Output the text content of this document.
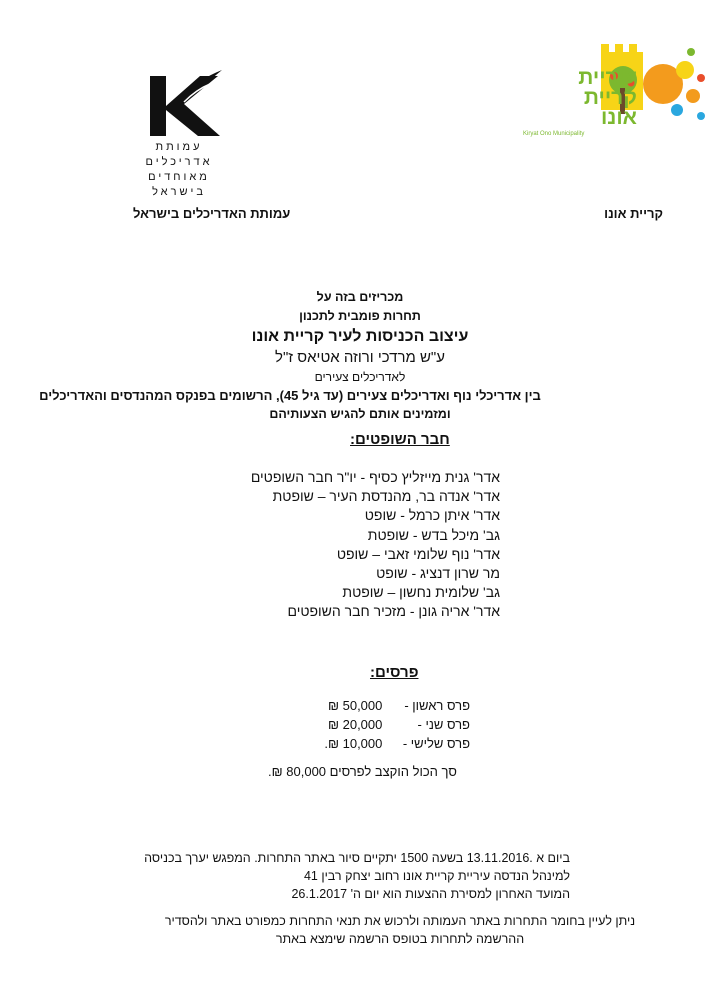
עיריית
קריית אונו
Kiryat Ono Municipality
עמותת
אדריכלים
מאוחדים
בישראל
עמותת האדריכלים בישראל	קריית אונו
מכריזים בזה על
תחרות פומבית לתכנון
עיצוב הכניסות לעיר קריית אונו
ע"ש מרדכי ורוזה אטיאס ז"ל
לאדריכלים צעירים
בין אדריכלי נוף ואדריכלים צעירים (עד גיל 45), הרשומים בפנקס המהנדסים והאדריכלים
ומזמינים אותם להגיש הצעותיהם
חבר השופטים:
אדר' גנית מייזליץ כסיף - יו"ר חבר השופטים
אדר' אנדה בר, מהנדסת העיר – שופטת
אדר' איתן כרמל - שופט
גב' מיכל בדש - שופטת
אדר' נוף שלומי זאבי – שופט
מר שרון דנציג - שופט
גב' שלומית נחשון – שופטת
אדר' אריה גונן - מזכיר חבר השופטים
פרסים:
פרס ראשון - 50,000 ₪
פרס שני - 20,000 ₪
פרס שלישי - 10,000 ₪.
סך הכול הוקצב לפרסים 80,000 ₪.
ביום א .13.11.2016 בשעה 1500 יתקיים סיור באתר התחרות. המפגש יערך בכניסה
למינהל הנדסה עיריית קריית אונו רחוב יצחק רבין 41
המועד האחרון למסירת ההצעות הוא יום ה' 26.1.2017
ניתן לעיין בחומר התחרות באתר העמותה ולרכוש את תנאי התחרות כמפורט באתר ולהסדיר
ההרשמה לתחרות בטופס הרשמה שימצא באתר
